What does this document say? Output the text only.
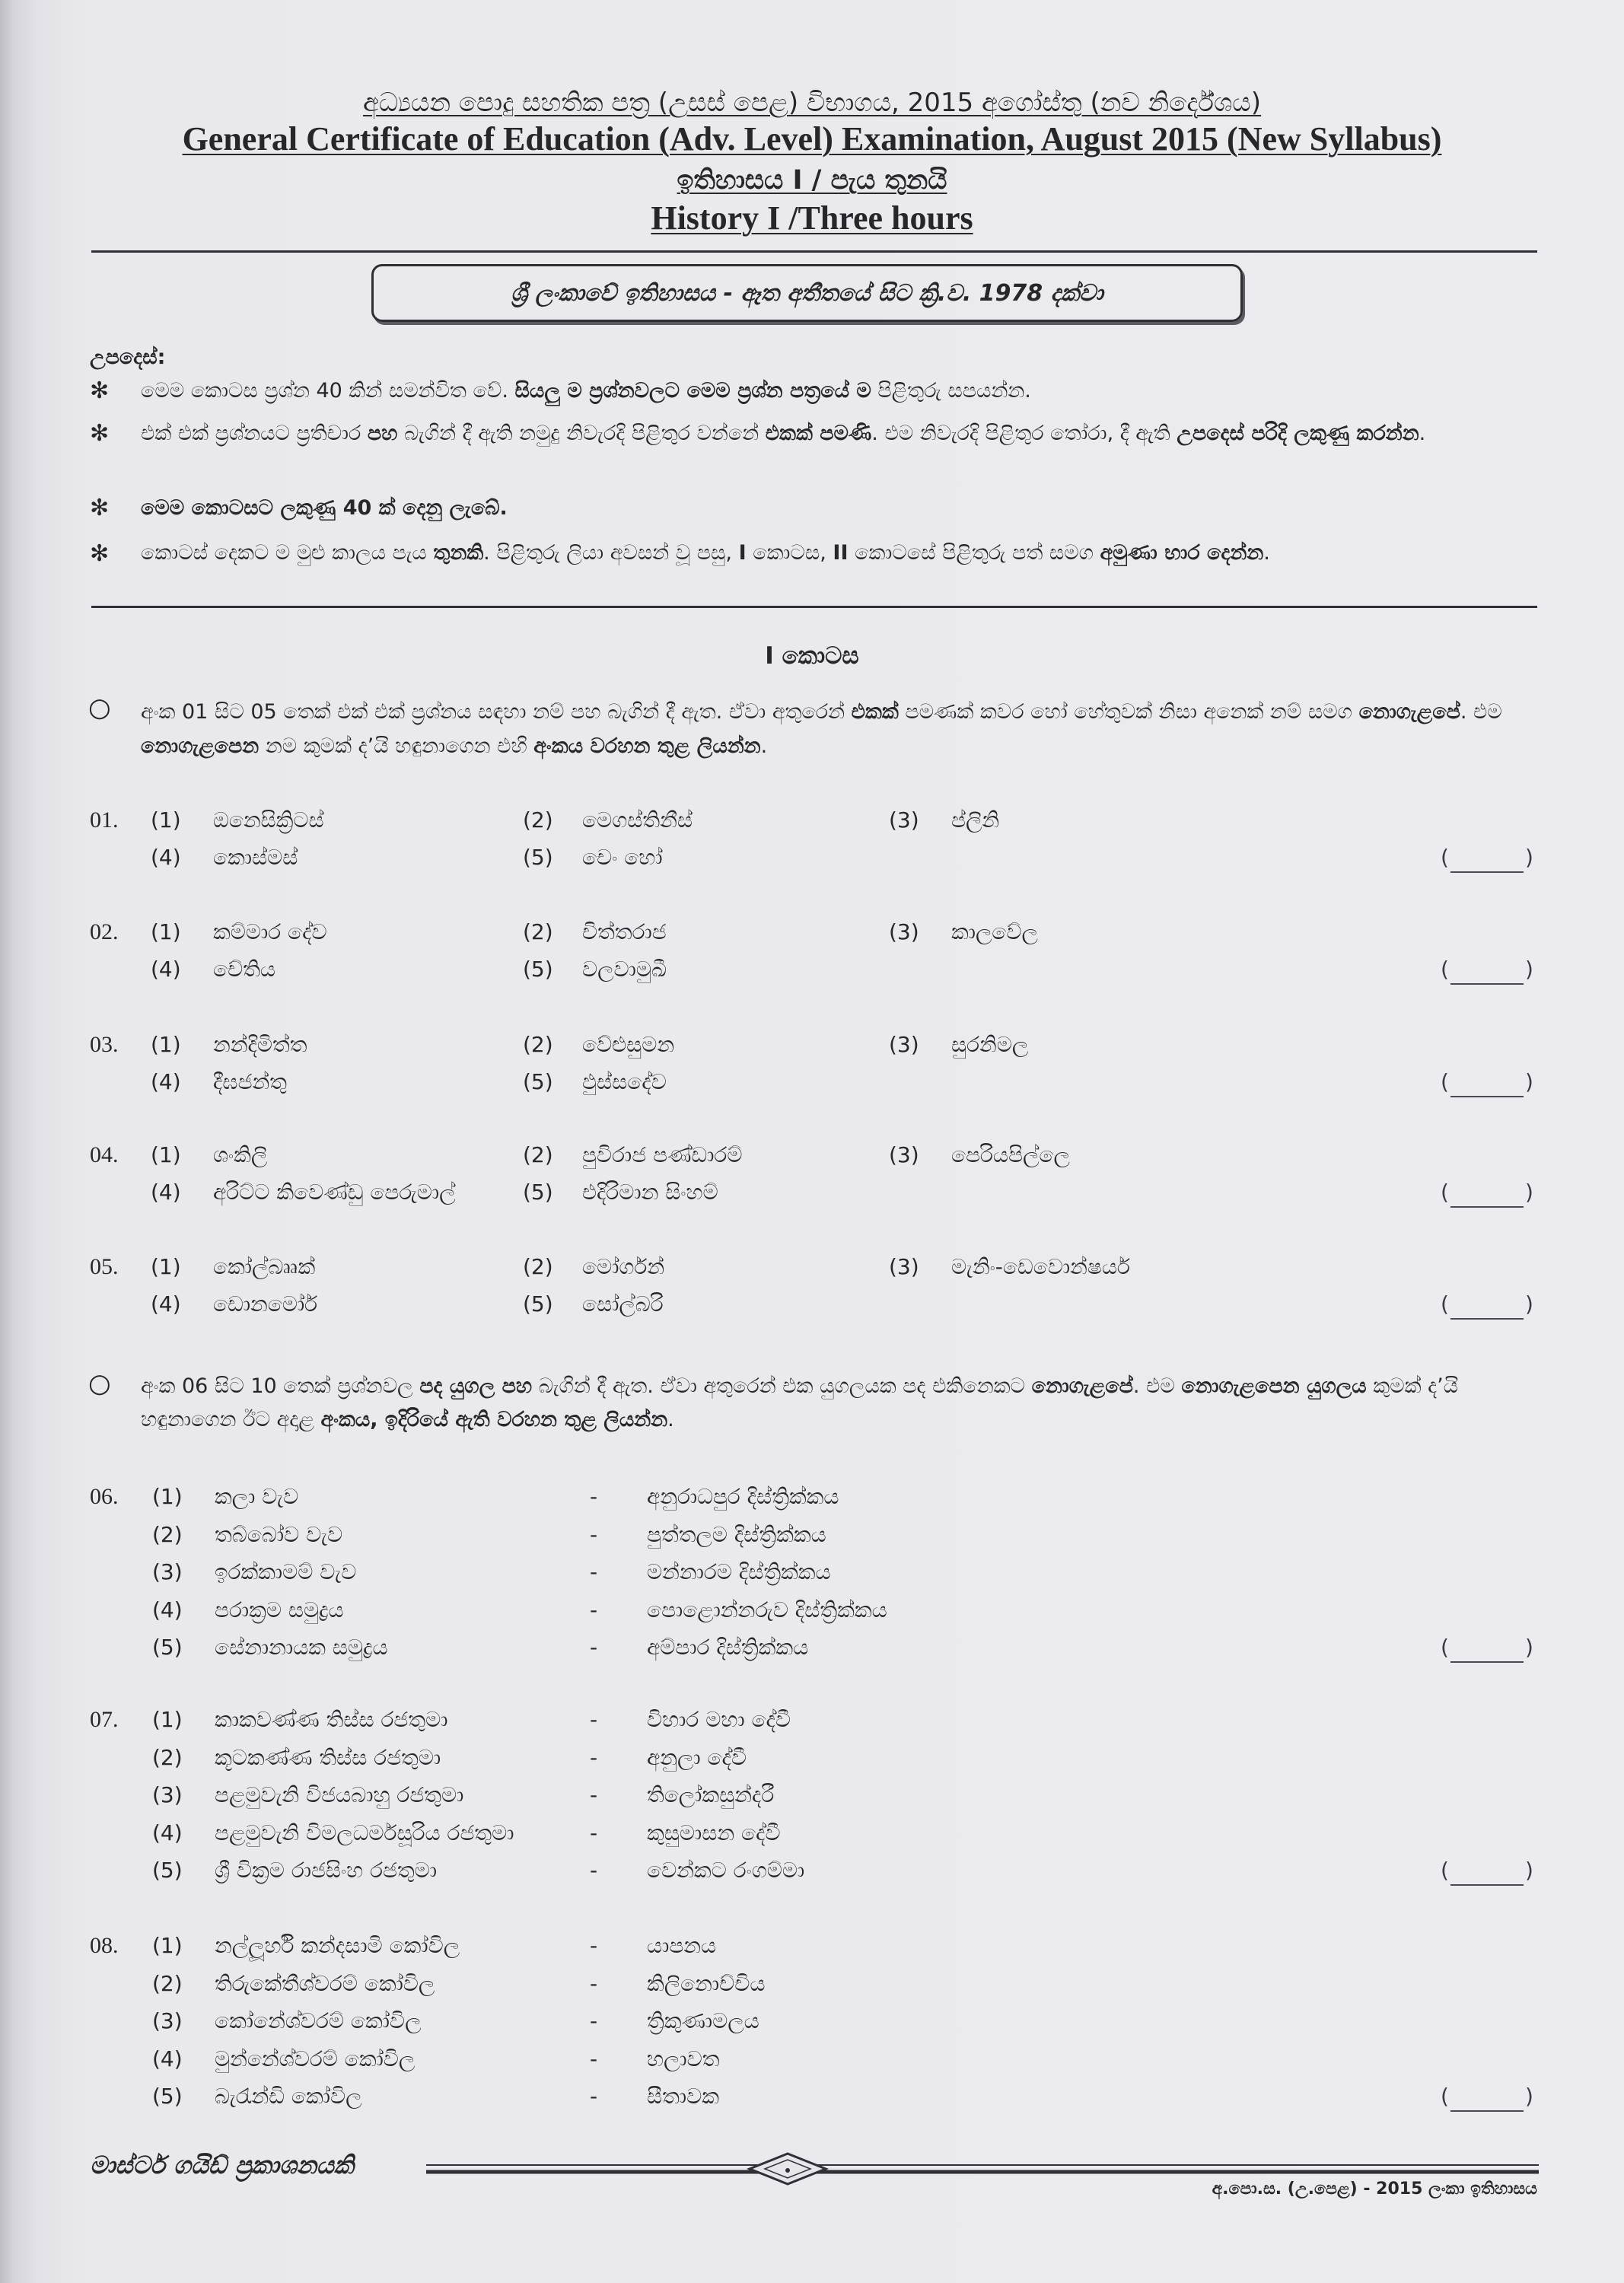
අධ්‍යයන පොදු සහතික පත්‍ර (උසස් පෙළ) විභාගය, 2015 අගෝස්තු (නව නිර්දේශය)
General Certificate of Education (Adv. Level) Examination, August 2015 (New Syllabus)
ඉතිහාසය I / පැය තුනයි
History I /Three hours
ශ්‍රී ලංකාවේ ඉතිහාසය - ඈත අතීතයේ සිට ක්‍රි.ව. 1978 දක්වා
උපදෙස්:
✻ මෙම කොටස ප්‍රශ්න 40 කින් සමන්විත වේ. සියලු ම ප්‍රශ්නවලට මෙම ප්‍රශ්න පත්‍රයේ ම පිළිතුරු සපයන්න.

✻ එක් එක් ප්‍රශ්නයට ප්‍රතිචාර පහ බැගින් දී ඇති නමුදු නිවැරදි පිළිතුර වන්නේ එකක් පමණි. එම නිවැරදි පිළිතුර තෝරා, දී ඇති උපදෙස් පරිදි ලකුණු කරන්න.

✻ මෙම කොටසට ලකුණු 40 ක් දෙනු ලැබේ.

✻ කොටස් දෙකට ම මුළු කාලය පැය තුනකි. පිළිතුරු ලියා අවසන් වූ පසු, I කොටස, II කොටසේ පිළිතුරු පත් සමග අමුණා භාර දෙන්න.

I කොටස
○ අංක 01 සිට 05 තෙක් එක් එක් ප්‍රශ්නය සඳහා නම් පහ බැගින් දී ඇත. ඒවා අතුරෙන් එකක් පමණක් කවර හෝ හේතුවක් නිසා අනෙක් නම් සමග නොගැළපේ. එම නොගැළපෙන නම කුමක් ද’යි හඳුනාගෙන එහි අංකය වරහන තුළ ලියන්න.

01. (1) ඔනෙසික්‍රිටස්	(2) මෙගස්තිනීස්	(3) ප්ලිනි
(4) කොස්මස්	(5) චෙං හෝ	(	)
02. (1) කම්මාර දේව	(2) චිත්තරාජ	(3) කාලවේල
(4) චේතිය	(5) වලවාමුඛී	(	)
03. (1) නන්දිමිත්ත	(2) වේළුසුමන	(3) සුරනිමල
(4) දීඝජන්තු	(5) ඵුස්සදේව	(	)
04. (1) ශංකිලි	(2) පුවිරාජ පණ්ඩාරම්	(3) පෙරියපිල්ලෙ
(4) අරිට්ට කිවෙණ්ඩු පෙරුමාල්	(5) එදිරිමාන සිංහම්	(	)
05. (1) කෝල්බෲක්	(2) මෝර්ගන්	(3) මැනිං-ඩෙවොන්ෂයර්
(4) ඩොනමෝර්	(5) සෝල්බරි	(	)
○ අංක 06 සිට 10 තෙක් ප්‍රශ්නවල පද යුගල පහ බැගින් දී ඇත. ඒවා අතුරෙන් එක යුගලයක පද එකිනෙකට නොගැළපේ. එම නොගැළපෙන යුගලය කුමක් ද’යි හඳුනාගෙන ඊට අදාළ අංකය, ඉදිරියේ ඇති වරහන තුළ ලියන්න.

06. (1) කලා වැව	- අනුරාධපුර දිස්ත්‍රික්කය
(2) තබ්බෝව වැව	- පුත්තලම දිස්ත්‍රික්කය
(3) ඉරක්කාමම් වැව	- මන්නාරම දිස්ත්‍රික්කය
(4) පරාක්‍රම සමුද්‍රය	- පොළොන්නරුව දිස්ත්‍රික්කය
(5) සේනානායක සමුද්‍රය	- අම්පාර දිස්ත්‍රික්කය	(	)
07. (1) කාකවණ්ණ තිස්ස රජතුමා	- විහාර මහා දේවී
(2) කූටකණ්ණ තිස්ස රජතුමා	- අනුලා දේවී
(3) පළමුවැනි විජයබාහු රජතුමා	- තිලෝකසුන්දරී
(4) පළමුවැනි විමලධර්මසූරිය රජතුමා	- කුසුමාසන දේවී
(5) ශ්‍රී වික්‍රම රාජසිංහ රජතුමා	- වෙන්කට රංගම්මා	(	)
08. (1) නල්ලූර්හි කන්දසාමි කෝවිල	- යාපනය
(2) තිරුකේතීශ්වරම් කෝවිල	- කිලිනොච්චිය
(3) කෝනේශ්වරම් කෝවිල	- ත්‍රිකුණාමලය
(4) මුන්නේශ්වරම් කෝවිල	- හලාවත
(5) බැරැන්ඩි කෝවිල	- සීතාවක	(	)
මාස්ටර් ගයිඩ් ප්‍රකාශනයකි
අ.පො.ස. (උ.පෙළ) - 2015 ලංකා ඉතිහාසය
